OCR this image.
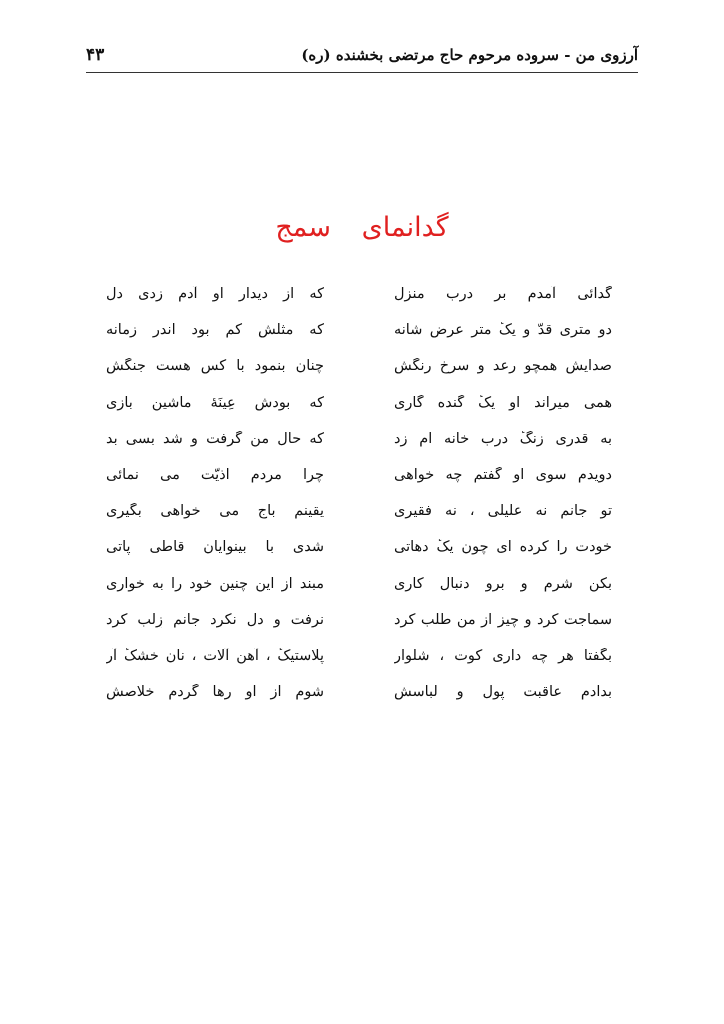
۴۳	آرزوی من - سروده مرحوم حاج مرتضی بخشنده (ره)
گدانمای سمج
گدائی آمدم بر درب منزل
که از دیدار او آدم زدی دل
دو متری قدّ و یکٔ متر عرض شانه
که مثلش کم بود اندر زمانه
صدایش همچو رعد و سرخ رنگش
چنان بنمود با کس هست جنگش
همی میراند او یکٔ گنده گاری
که بودش عِینَهٔ ماشین بازی
به قدری زنگٔ درب خانه ام زد
که حال من گرفت و شد بسی بد
دویدم سوی او گفتم چه خواهی
چرا مردم اذیّت می نمائی
تو جانم نه عليلی ، نه فقيری
يقينم باج می خواهی بگيری
خودت را کرده ای چون یکٔ دهاتی
شدی با بینوایان قاطی پاتی
بکن شرم و برو دنبال کاری
مبند از این چنین خود را به خواری
سماجت کرد و چیز از من طلب کرد
نرفت و دل نکرد جانم زِلب کرد
بگفتا هر چه داری کوت ، شلوار
پلاستیکٔ ، آهن آلات ، نان خشکٔ آر
بدادم عاقبت پول و لباسش
شوم از او رها گردم خلاصش
